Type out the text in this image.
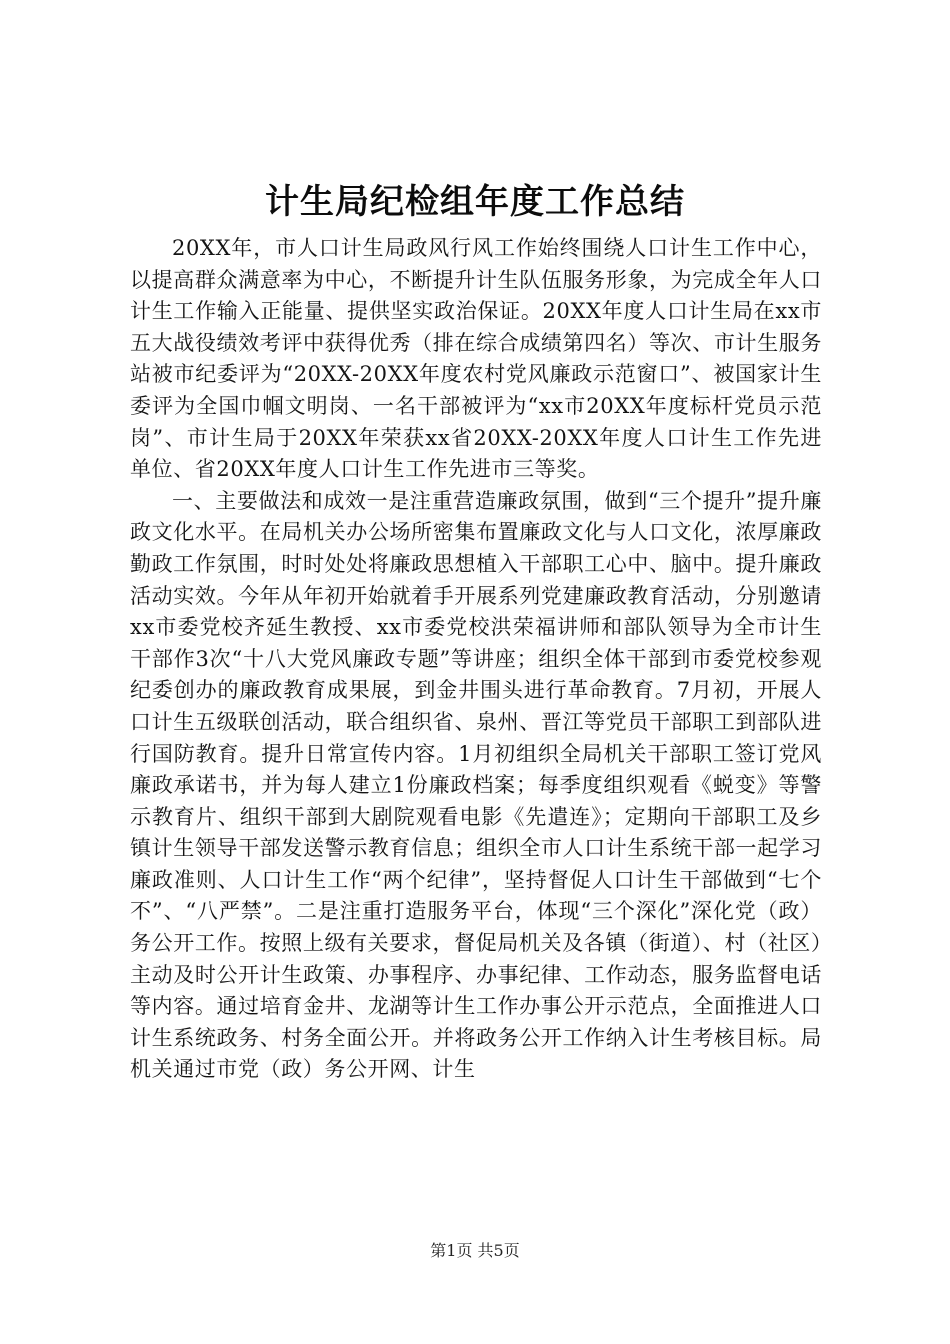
计生局纪检组年度工作总结

20XX年，市人口计生局政风行风工作始终围绕人口计生工作中心，以提高群众满意率为中心，不断提升计生队伍服务形象，为完成全年人口计生工作输入正能量、提供坚实政治保证。20XX年度人口计生局在xx市五大战役绩效考评中获得优秀（排在综合成绩第四名）等次、市计生服务站被市纪委评为“20XX-20XX年度农村党风廉政示范窗口”、被国家计生委评为全国巾帼文明岗、一名干部被评为“xx市20XX年度标杆党员示范岗”、市计生局于20XX年荣获xx省20XX-20XX年度人口计生工作先进单位、省20XX年度人口计生工作先进市三等奖。

一、主要做法和成效一是注重营造廉政氛围，做到“三个提升”提升廉政文化水平。在局机关办公场所密集布置廉政文化与人口文化，浓厚廉政勤政工作氛围，时时处处将廉政思想植入干部职工心中、脑中。提升廉政活动实效。今年从年初开始就着手开展系列党建廉政教育活动，分别邀请xx市委党校齐延生教授、xx市委党校洪荣福讲师和部队领导为全市计生干部作3次“十八大党风廉政专题”等讲座；组织全体干部到市委党校参观纪委创办的廉政教育成果展，到金井围头进行革命教育。7月初，开展人口计生五级联创活动，联合组织省、泉州、晋江等党员干部职工到部队进行国防教育。提升日常宣传内容。1月初组织全局机关干部职工签订党风廉政承诺书，并为每人建立1份廉政档案；每季度组织观看《蜕变》等警示教育片、组织干部到大剧院观看电影《先遣连》；定期向干部职工及乡镇计生领导干部发送警示教育信息；组织全市人口计生系统干部一起学习廉政准则、人口计生工作“两个纪律”，坚持督促人口计生干部做到“七个不”、“八严禁”。二是注重打造服务平台，体现“三个深化”深化党（政）务公开工作。按照上级有关要求，督促局机关及各镇（街道）、村（社区）主动及时公开计生政策、办事程序、办事纪律、工作动态，服务监督电话等内容。通过培育金井、龙湖等计生工作办事公开示范点，全面推进人口计生系统政务、村务全面公开。并将政务公开工作纳入计生考核目标。局机关通过市党（政）务公开网、计生

第1页 共5页
